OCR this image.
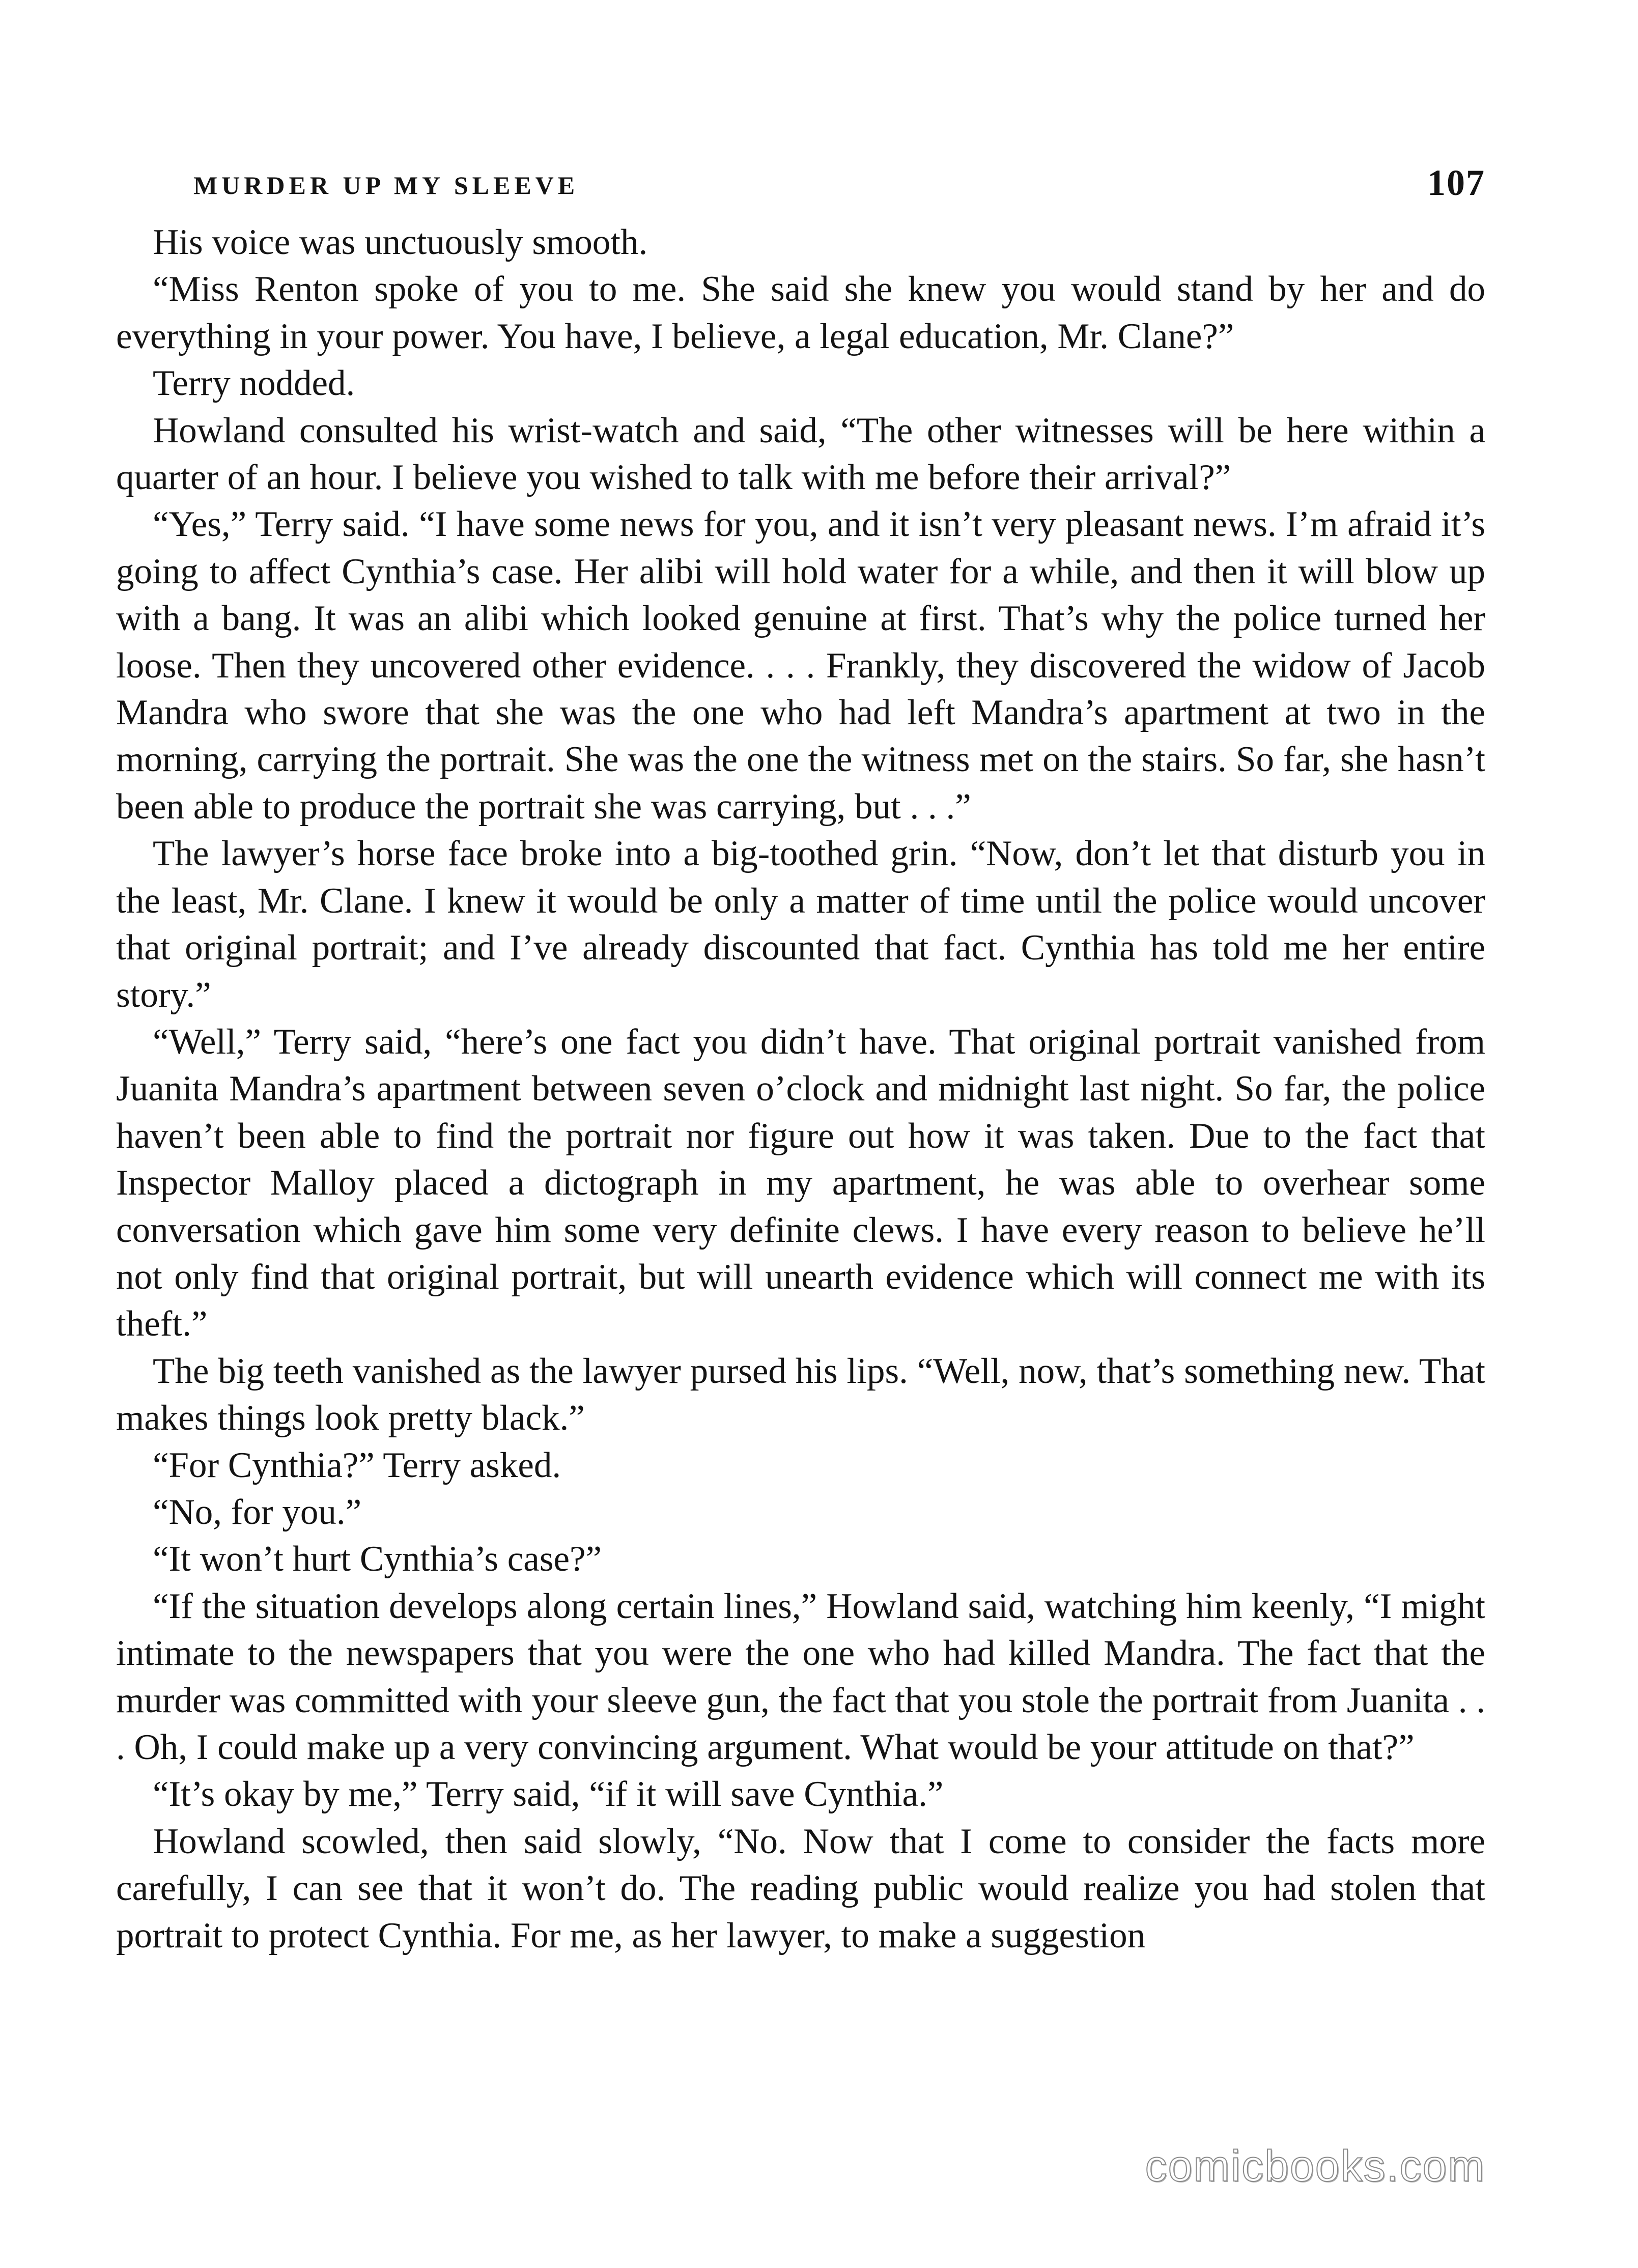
MURDER UP MY SLEEVE	107

His voice was unctuously smooth.

“Miss Renton spoke of you to me. She said she knew you would stand by her and do everything in your power. You have, I believe, a legal education, Mr. Clane?”

Terry nodded.

Howland consulted his wrist-watch and said, “The other witnesses will be here within a quarter of an hour. I believe you wished to talk with me before their arrival?”

“Yes,” Terry said. “I have some news for you, and it isn’t very pleasant news. I’m afraid it’s going to affect Cynthia’s case. Her alibi will hold water for a while, and then it will blow up with a bang. It was an alibi which looked genuine at first. That’s why the police turned her loose. Then they uncovered other evidence. . . . Frankly, they discovered the widow of Jacob Mandra who swore that she was the one who had left Mandra’s apartment at two in the morning, carrying the portrait. She was the one the witness met on the stairs. So far, she hasn’t been able to produce the portrait she was carrying, but . . .”

The lawyer’s horse face broke into a big-toothed grin. “Now, don’t let that disturb you in the least, Mr. Clane. I knew it would be only a matter of time until the police would uncover that original portrait; and I’ve already discounted that fact. Cynthia has told me her entire story.”

“Well,” Terry said, “here’s one fact you didn’t have. That original portrait vanished from Juanita Mandra’s apartment between seven o’clock and midnight last night. So far, the police haven’t been able to find the portrait nor figure out how it was taken. Due to the fact that Inspector Malloy placed a dictograph in my apartment, he was able to overhear some conversation which gave him some very definite clews. I have every reason to believe he’ll not only find that original portrait, but will unearth evidence which will connect me with its theft.”

The big teeth vanished as the lawyer pursed his lips. “Well, now, that’s something new. That makes things look pretty black.”

“For Cynthia?” Terry asked.

“No, for you.”

“It won’t hurt Cynthia’s case?”

“If the situation develops along certain lines,” Howland said, watching him keenly, “I might intimate to the newspapers that you were the one who had killed Mandra. The fact that the murder was committed with your sleeve gun, the fact that you stole the portrait from Juanita . . . Oh, I could make up a very convincing argument. What would be your attitude on that?”

“It’s okay by me,” Terry said, “if it will save Cynthia.”

Howland scowled, then said slowly, “No. Now that I come to consider the facts more carefully, I can see that it won’t do. The reading public would realize you had stolen that portrait to protect Cynthia. For me, as her lawyer, to make a suggestion

comicbooks.com
